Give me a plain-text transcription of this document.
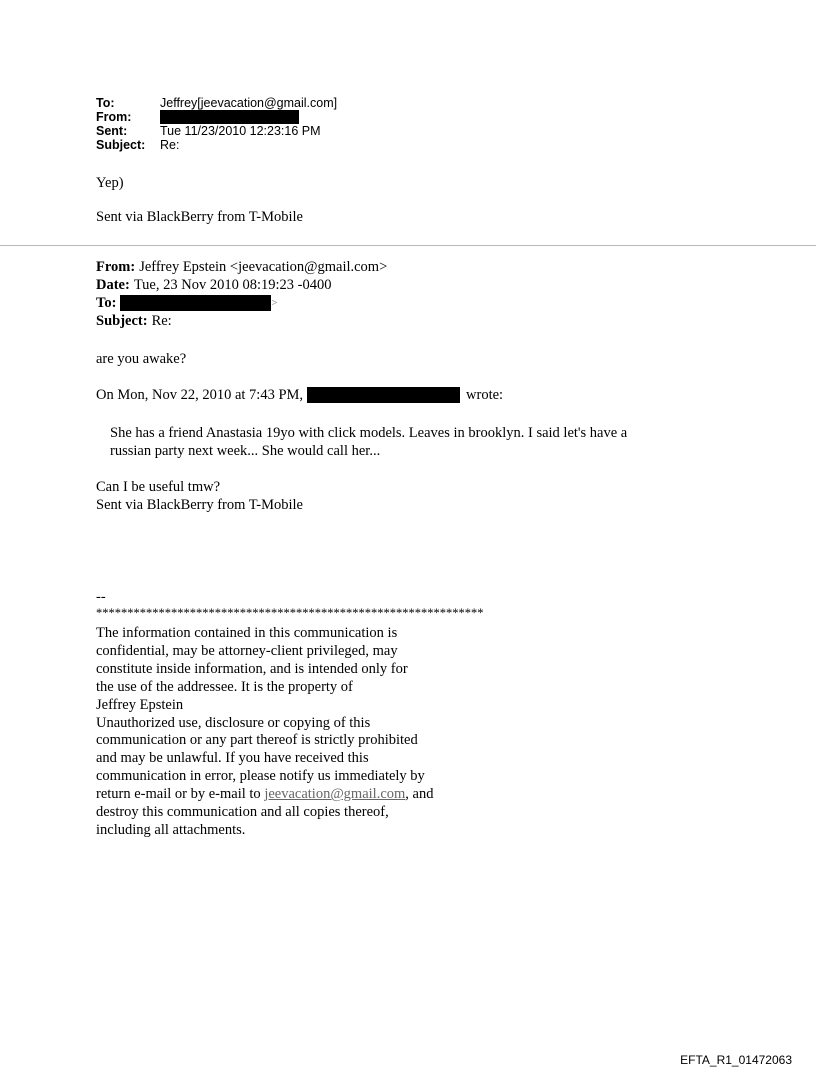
To:	Jeffrey[jeevacation@gmail.com]
From:
Sent:	Tue 11/23/2010 12:23:16 PM
Subject:	Re:
Yep)
Sent via BlackBerry from T-Mobile
From: Jeffrey Epstein <jeevacation@gmail.com>
Date: Tue, 23 Nov 2010 08:19:23 -0400
To:	>
Subject: Re:
are you awake?
On Mon, Nov 22, 2010 at 7:43 PM,	wrote:
She has a friend Anastasia 19yo with click models. Leaves in brooklyn. I said let's have a
russian party next week... She would call her...
Can I be useful tmw?
Sent via BlackBerry from T-Mobile
--
**************************************************************
The information contained in this communication is
confidential, may be attorney-client privileged, may
constitute inside information, and is intended only for
the use of the addressee. It is the property of
Jeffrey Epstein
Unauthorized use, disclosure or copying of this
communication or any part thereof is strictly prohibited
and may be unlawful. If you have received this
communication in error, please notify us immediately by
return e-mail or by e-mail to jeevacation@gmail.com, and
destroy this communication and all copies thereof,
including all attachments.
EFTA_R1_01472063
